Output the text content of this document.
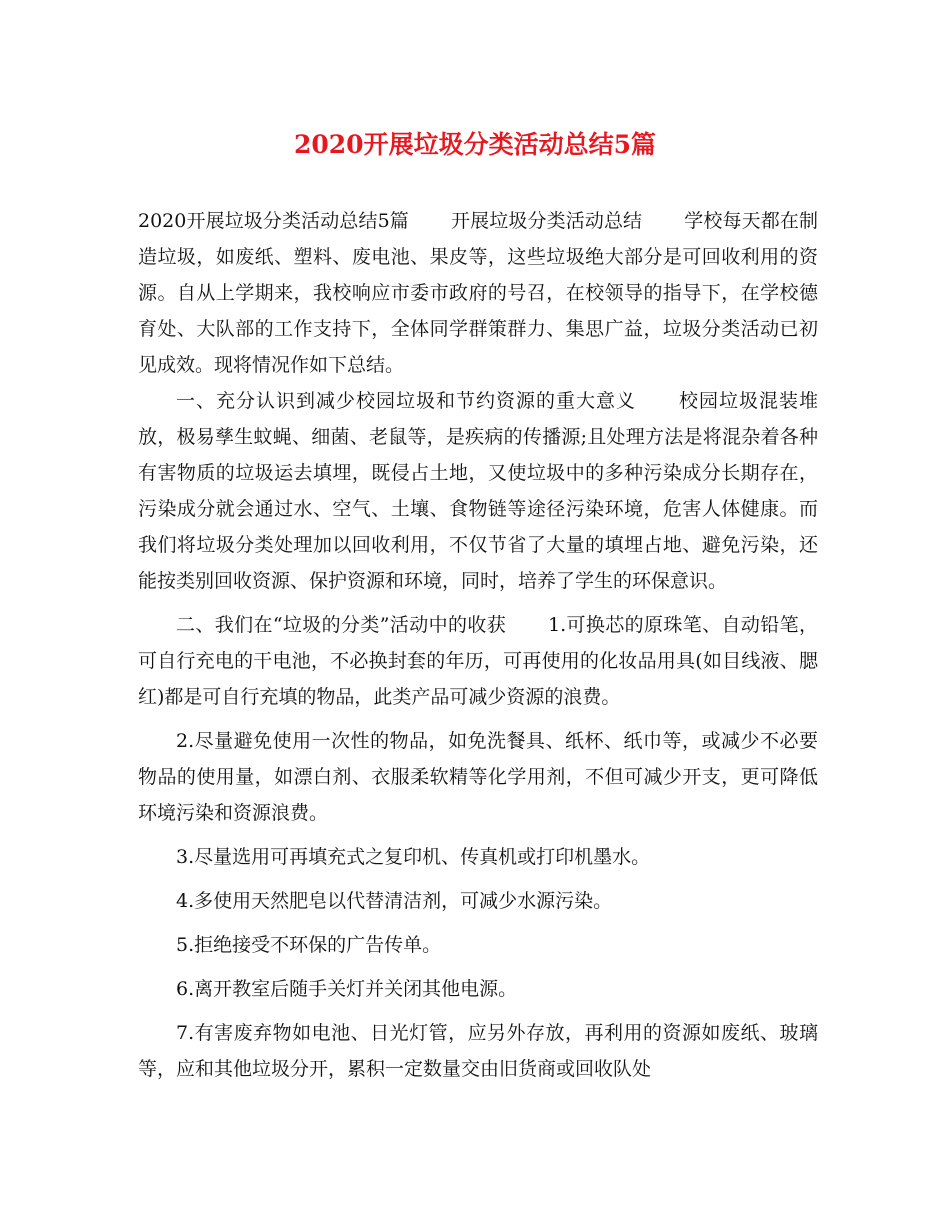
2020开展垃圾分类活动总结5篇

2020开展垃圾分类活动总结5篇 开展垃圾分类活动总结 学校每天都在制造垃圾，如废纸、塑料、废电池、果皮等，这些垃圾绝大部分是可回收利用的资源。自从上学期来，我校响应市委市政府的号召，在校领导的指导下，在学校德育处、大队部的工作支持下，全体同学群策群力、集思广益，垃圾分类活动已初见成效。现将情况作如下总结。

一、充分认识到减少校园垃圾和节约资源的重大意义 校园垃圾混装堆放，极易孳生蚊蝇、细菌、老鼠等，是疾病的传播源;且处理方法是将混杂着各种有害物质的垃圾运去填埋，既侵占土地，又使垃圾中的多种污染成分长期存在，污染成分就会通过水、空气、土壤、食物链等途径污染环境，危害人体健康。而我们将垃圾分类处理加以回收利用，不仅节省了大量的填埋占地、避免污染，还能按类别回收资源、保护资源和环境，同时，培养了学生的环保意识。

二、我们在“垃圾的分类”活动中的收获 1.可换芯的原珠笔、自动铅笔，可自行充电的干电池，不必换封套的年历，可再使用的化妆品用具(如目线液、腮红)都是可自行充填的物品，此类产品可减少资源的浪费。

2.尽量避免使用一次性的物品，如免洗餐具、纸杯、纸巾等，或减少不必要物品的使用量，如漂白剂、衣服柔软精等化学用剂，不但可减少开支，更可降低环境污染和资源浪费。

3.尽量选用可再填充式之复印机、传真机或打印机墨水。

4.多使用天然肥皂以代替清洁剂，可减少水源污染。

5.拒绝接受不环保的广告传单。

6.离开教室后随手关灯并关闭其他电源。

7.有害废弃物如电池、日光灯管，应另外存放，再利用的资源如废纸、玻璃等，应和其他垃圾分开，累积一定数量交由旧货商或回收队处
